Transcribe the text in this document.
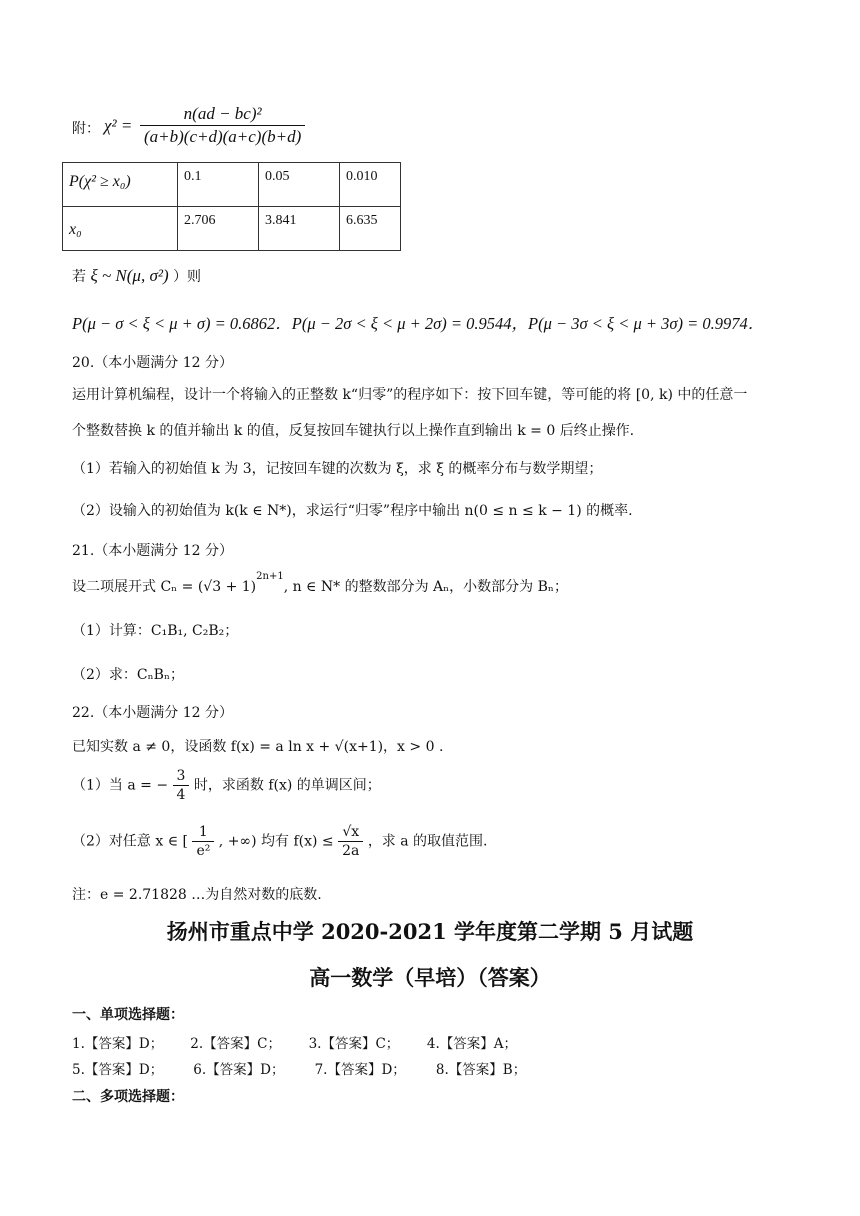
附： $\chi^2 = \frac{\text{n(ad − bc)²}}{(a+b)(c+d)(a+c)(b+d)}$
P(χ² ≥ x₀)	0.1	0.05	0.010
x₀	2.706	3.841	6.635
若 ξ ~ N(μ, σ²) ）则
P(μ − σ < ξ < μ + σ) = 0.6862．P(μ − 2σ < ξ < μ + 2σ) = 0.9544，P(μ − 3σ < ξ < μ + 3σ) = 0.9974．
20.（本小题满分 12 分）
运用计算机编程，设计一个将输入的正整数 k“归零”的程序如下：按下回车键，等可能的将 [0, k) 中的任意一
个整数替换 k 的值并输出 k 的值，反复按回车键执行以上操作直到输出 k = 0 后终止操作.
（1）若输入的初始值 k 为 3，记按回车键的次数为 ξ，求 ξ 的概率分布与数学期望；
（2）设输入的初始值为 k(k ∈ N*)，求运行“归零”程序中输出 n(0 ≤ n ≤ k − 1) 的概率.
21.（本小题满分 12 分）
设二项展开式 $C_n = (√3 + 1)^{2n+1}$, n ∈ N* 的整数部分为 Aₙ，小数部分为 Bₙ；
（1）计算：C₁B₁, C₂B₂；
（2）求：CₙBₙ；
22.（本小题满分 12 分）
已知实数 a ≠ 0，设函数 f(x) = a ln x + √(x+1)，x > 0 .
（1）当 a = − $\frac{3}{4}$ 时，求函数 f(x) 的单调区间；
（2）对任意 x ∈ [ $\frac{1}{\text{e²}}$ , +∞) 均有 $f(x) \le \frac{√x}{2a}$ ，求 a 的取值范围.
注：e = 2.71828 …为自然对数的底数.
扬州市重点中学 2020-2021 学年度第二学期 5 月试题
高一数学（早培）（答案）
一、单项选择题：
1.【答案】D； 2.【答案】C； 3.【答案】C； 4.【答案】A；
5.【答案】D； 6.【答案】D； 7.【答案】D； 8.【答案】B；
二、多项选择题：
